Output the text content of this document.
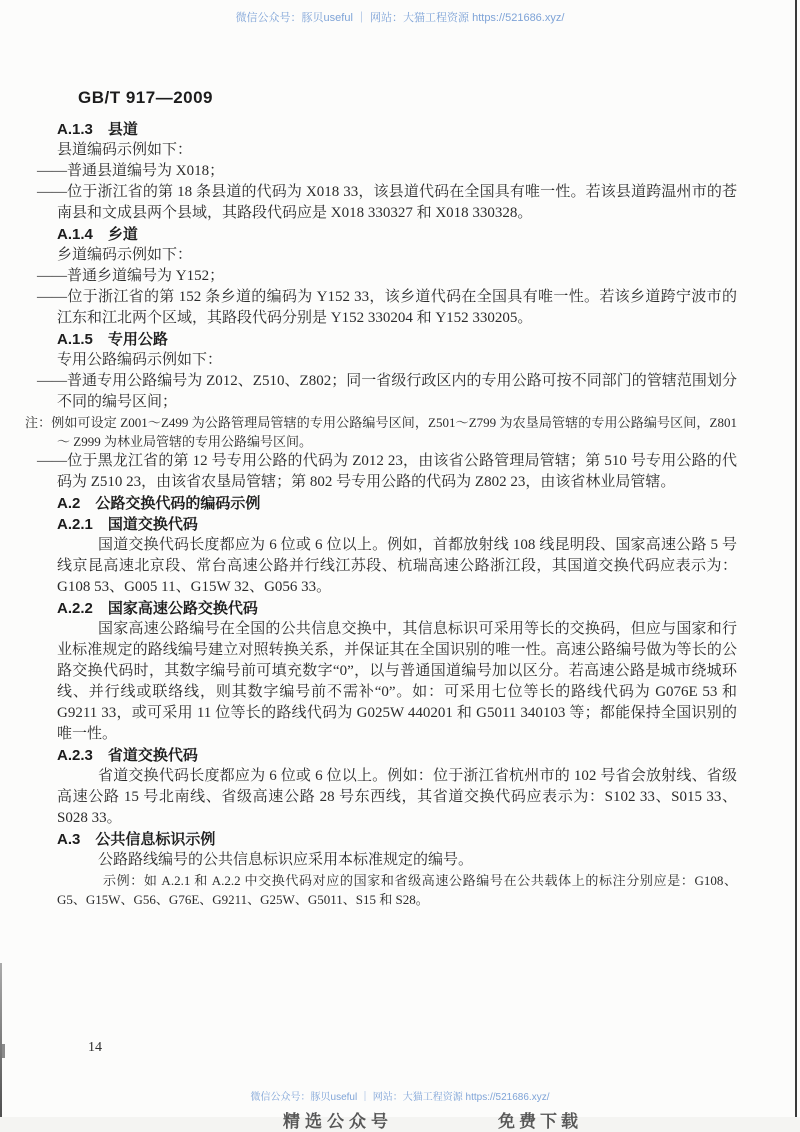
微信公众号：豚贝useful ｜ 网站：大猫工程资源 https://521686.xyz/
GB/T 917—2009

A.1.3　县道

县道编码示例如下：

——普通县道编号为 X018；

——位于浙江省的第 18 条县道的代码为 X018 33，该县道代码在全国具有唯一性。若该县道跨温州市的苍南县和文成县两个县域，其路段代码应是 X018 330327 和 X018 330328。

A.1.4　乡道

乡道编码示例如下：

——普通乡道编号为 Y152；

——位于浙江省的第 152 条乡道的编码为 Y152 33，该乡道代码在全国具有唯一性。若该乡道跨宁波市的江东和江北两个区域，其路段代码分别是 Y152 330204 和 Y152 330205。

A.1.5　专用公路

专用公路编码示例如下：

——普通专用公路编号为 Z012、Z510、Z802；同一省级行政区内的专用公路可按不同部门的管辖范围划分不同的编号区间；

注：例如可设定 Z001～Z499 为公路管理局管辖的专用公路编号区间，Z501～Z799 为农垦局管辖的专用公路编号区间，Z801～ Z999 为林业局管辖的专用公路编号区间。

——位于黑龙江省的第 12 号专用公路的代码为 Z012 23，由该省公路管理局管辖；第 510 号专用公路的代码为 Z510 23，由该省农垦局管辖；第 802 号专用公路的代码为 Z802 23，由该省林业局管辖。

A.2　公路交换代码的编码示例

A.2.1　国道交换代码

国道交换代码长度都应为 6 位或 6 位以上。例如，首都放射线 108 线昆明段、国家高速公路 5 号线京昆高速北京段、常台高速公路并行线江苏段、杭瑞高速公路浙江段，其国道交换代码应表示为：G108 53、G005 11、G15W 32、G056 33。

A.2.2　国家高速公路交换代码

国家高速公路编号在全国的公共信息交换中，其信息标识可采用等长的交换码，但应与国家和行业标准规定的路线编号建立对照转换关系，并保证其在全国识别的唯一性。高速公路编号做为等长的公路交换代码时，其数字编号前可填充数字“0”，以与普通国道编号加以区分。若高速公路是城市绕城环线、并行线或联络线，则其数字编号前不需补“0”。如：可采用七位等长的路线代码为 G076E 53 和 G9211 33，或可采用 11 位等长的路线代码为 G025W 440201 和 G5011 340103 等；都能保持全国识别的唯一性。

A.2.3　省道交换代码

省道交换代码长度都应为 6 位或 6 位以上。例如：位于浙江省杭州市的 102 号省会放射线、省级高速公路 15 号北南线、省级高速公路 28 号东西线，其省道交换代码应表示为：S102 33、S015 33、S028 33。

A.3　公共信息标识示例

公路路线编号的公共信息标识应采用本标准规定的编号。

示例：如 A.2.1 和 A.2.2 中交换代码对应的国家和省级高速公路编号在公共载体上的标注分别应是：G108、G5、G15W、G56、G76E、G9211、G25W、G5011、S15 和 S28。

14
微信公众号：豚贝useful ｜ 网站：大猫工程资源 https://521686.xyz/
精选公众号	免费下载
